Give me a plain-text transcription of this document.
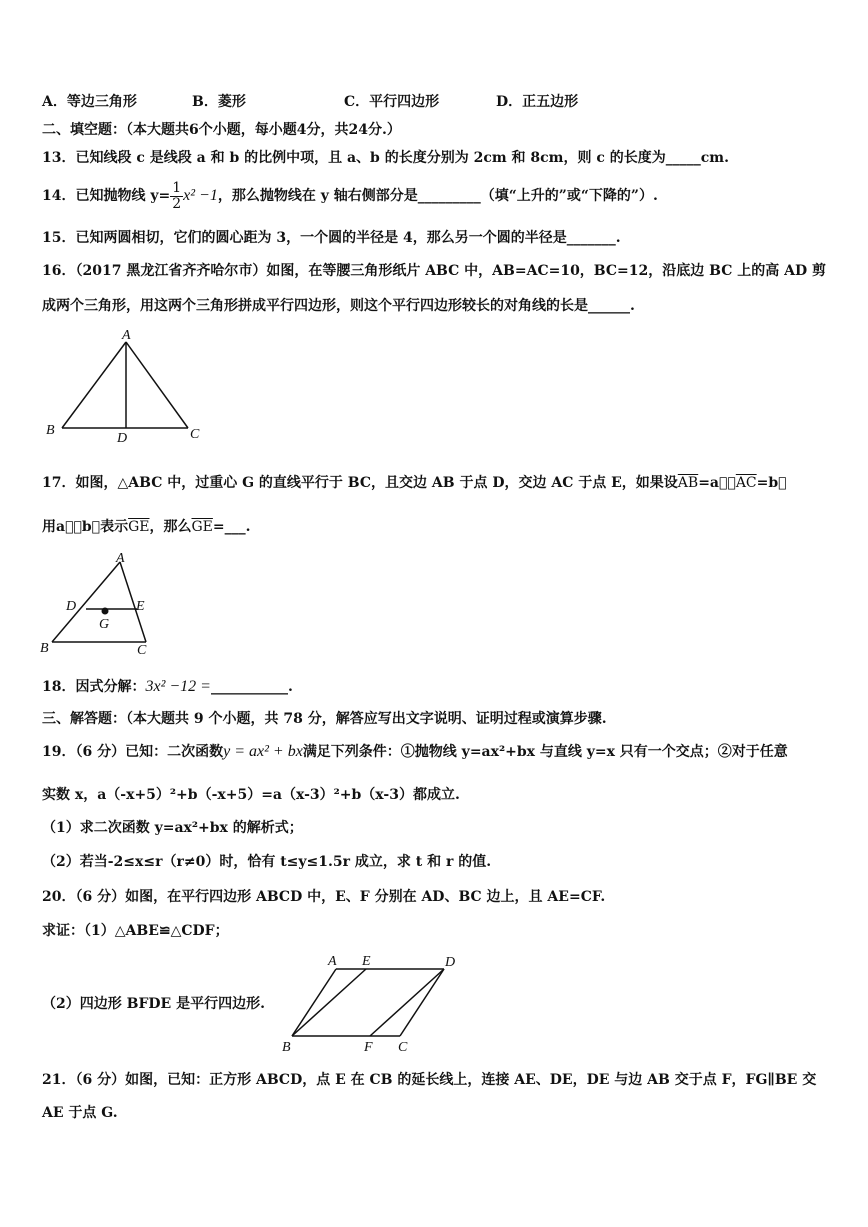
A．等边三角形	B．菱形	C．平行四边形	D．正五边形
二、填空题：（本大题共6个小题，每小题4分，共24分.）
13．已知线段 c 是线段 a 和 b 的比例中项，且 a、b 的长度分别为 2cm 和 8cm，则 c 的长度为_____cm.
14．已知抛物线 $y= \frac{1}{2} x^2 -1$，那么抛物线在 y 轴右侧部分是_________（填“上升的”或“下降的”）.
15．已知两圆相切，它们的圆心距为 3，一个圆的半径是 4，那么另一个圆的半径是_______.
16．（2017 黑龙江省齐齐哈尔市）如图，在等腰三角形纸片 ABC 中，AB=AC=10，BC=12，沿底边 BC 上的高 AD 剪
成两个三角形，用这两个三角形拼成平行四边形，则这个平行四边形较长的对角线的长是______.
A
B	C
D
17．如图，△ABC 中，过重心 G 的直线平行于 BC，且交边 AB 于点 D，交边 AC 于点 E，如果设$\overline{AB}=a⃗$，$\overline{AC}=b⃗$
用a⃗，b⃗表示$\overline{GE}$，那么$\overline{GE}=\_\_\_$.
A
D	E
G
B	C
18．因式分解：3x² −12 =___________.
三、解答题：（本大题共 9 个小题，共 78 分，解答应写出文字说明、证明过程或演算步骤.
19．（6 分）已知：二次函数y = ax² + bx满足下列条件：①抛物线 y=ax²+bx 与直线 y=x 只有一个交点；②对于任意
实数 x，a（-x+5）²+b（-x+5）=a（x-3）²+b（x-3）都成立.
（1）求二次函数 y=ax²+bx 的解析式；
（2）若当-2≤x≤r（r≠0）时，恰有 t≤y≤1.5r 成立，求 t 和 r 的值.
20．（6 分）如图，在平行四边形 ABCD 中，E、F 分别在 AD、BC 边上，且 AE=CF.
求证：（1）△ABE≌△CDF；
（2）四边形 BFDE 是平行四边形.
A E	D
B	F C
21．（6 分）如图，已知：正方形 ABCD，点 E 在 CB 的延长线上，连接 AE、DE，DE 与边 AB 交于点 F，FG∥BE 交
AE 于点 G.
